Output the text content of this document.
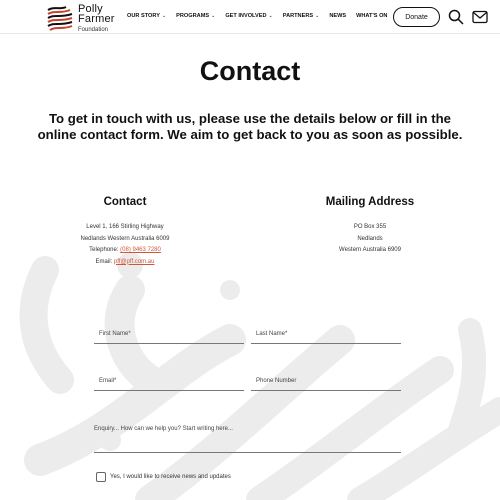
Polly
Farmer
Foundation
OUR STORY ⌄ PROGRAMS ⌄ GET INVOLVED ⌄ PARTNERS ⌄ NEWS WHAT'S ON	Donate
Contact

To get in touch with us, please use the details below or fill in the online contact form. We aim to get back to you as soon as possible.

Contact
Level 1, 166 Stirling Highway
Nedlands Western Australia 6009
Telephone: (08) 9463 7280
Email: pff@pff.com.au
Mailing Address
PO Box 355
Nedlands
Western Australia 6909
First Name*	Last Name*
Email*	Phone Number
Enquiry... How can we help you? Start writing here...
Yes, I would like to receive news and updates
